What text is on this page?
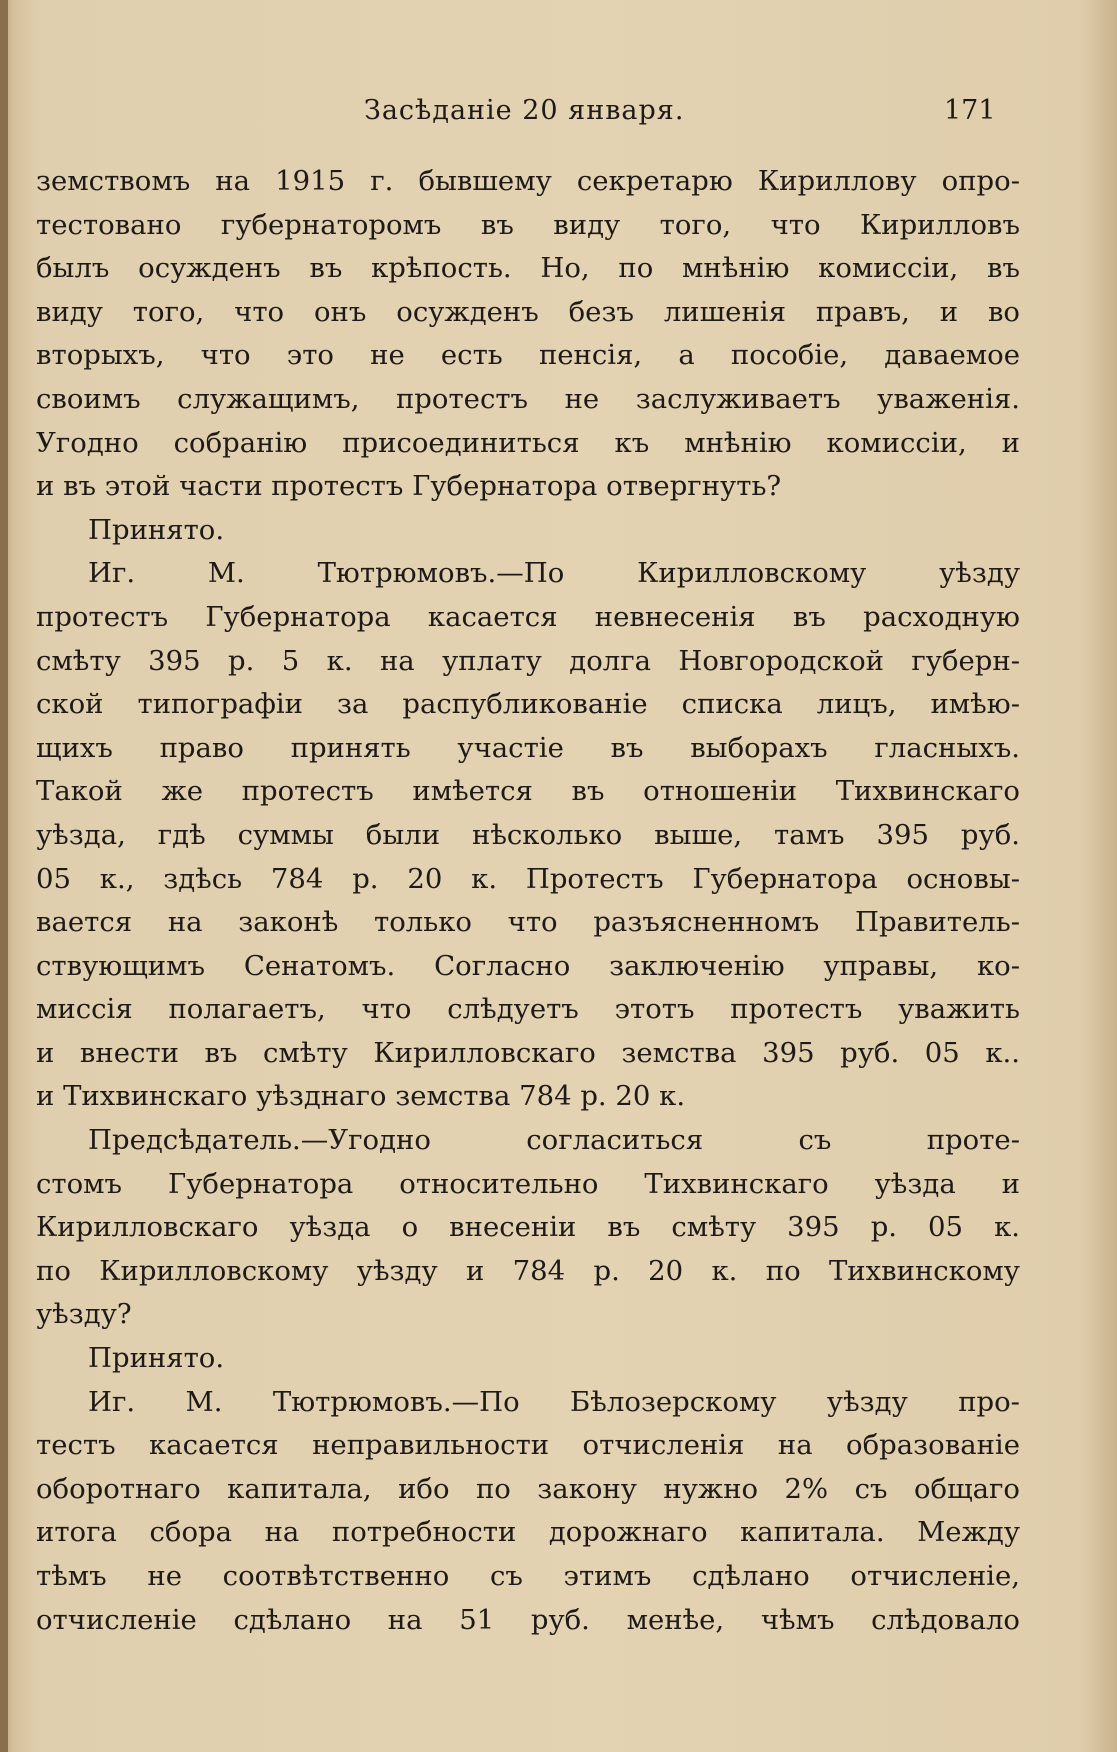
Засѣданіе 20 января.	171
земствомъ на 1915 г. бывшему секретарю Кириллову опро-
тестовано губернаторомъ въ виду того, что Кирилловъ
былъ осужденъ въ крѣпость. Но, по мнѣнію комиссіи, въ
виду того, что онъ осужденъ безъ лишенія правъ, и во
вторыхъ, что это не есть пенсія, а пособіе, даваемое
своимъ служащимъ, протестъ не заслуживаетъ уваженія.
Угодно собранію присоединиться къ мнѣнію комиссіи, и
и въ этой части протестъ Губернатора отвергнуть?
Принято.
Иг. М. Тютрюмовъ.—По Кирилловскому уѣзду
протестъ Губернатора касается невнесенія въ расходную
смѣту 395 р. 5 к. на уплату долга Новгородской губерн-
ской типографіи за распубликованіе списка лицъ, имѣю-
щихъ право принять участіе въ выборахъ гласныхъ.
Такой же протестъ имѣется въ отношеніи Тихвинскаго
уѣзда, гдѣ суммы были нѣсколько выше, тамъ 395 руб.
05 к., здѣсь 784 р. 20 к. Протестъ Губернатора основы-
вается на законѣ только что разъясненномъ Правитель-
ствующимъ Сенатомъ. Согласно заключенію управы, ко-
миссія полагаетъ, что слѣдуетъ этотъ протестъ уважить
и внести въ смѣту Кирилловскаго земства 395 руб. 05 к..
и Тихвинскаго уѣзднаго земства 784 р. 20 к.
Предсѣдатель.—Угодно согласиться съ проте-
стомъ Губернатора относительно Тихвинскаго уѣзда и
Кирилловскаго уѣзда о внесеніи въ смѣту 395 р. 05 к.
по Кирилловскому уѣзду и 784 р. 20 к. по Тихвинскому
уѣзду?
Принято.
Иг. М. Тютрюмовъ.—По Бѣлозерскому уѣзду про-
тестъ касается неправильности отчисленія на образованіе
оборотнаго капитала, ибо по закону нужно 2% съ общаго
итога сбора на потребности дорожнаго капитала. Между
тѣмъ не соотвѣтственно съ этимъ сдѣлано отчисленіе,
отчисленіе сдѣлано на 51 руб. менѣе, чѣмъ слѣдовало
